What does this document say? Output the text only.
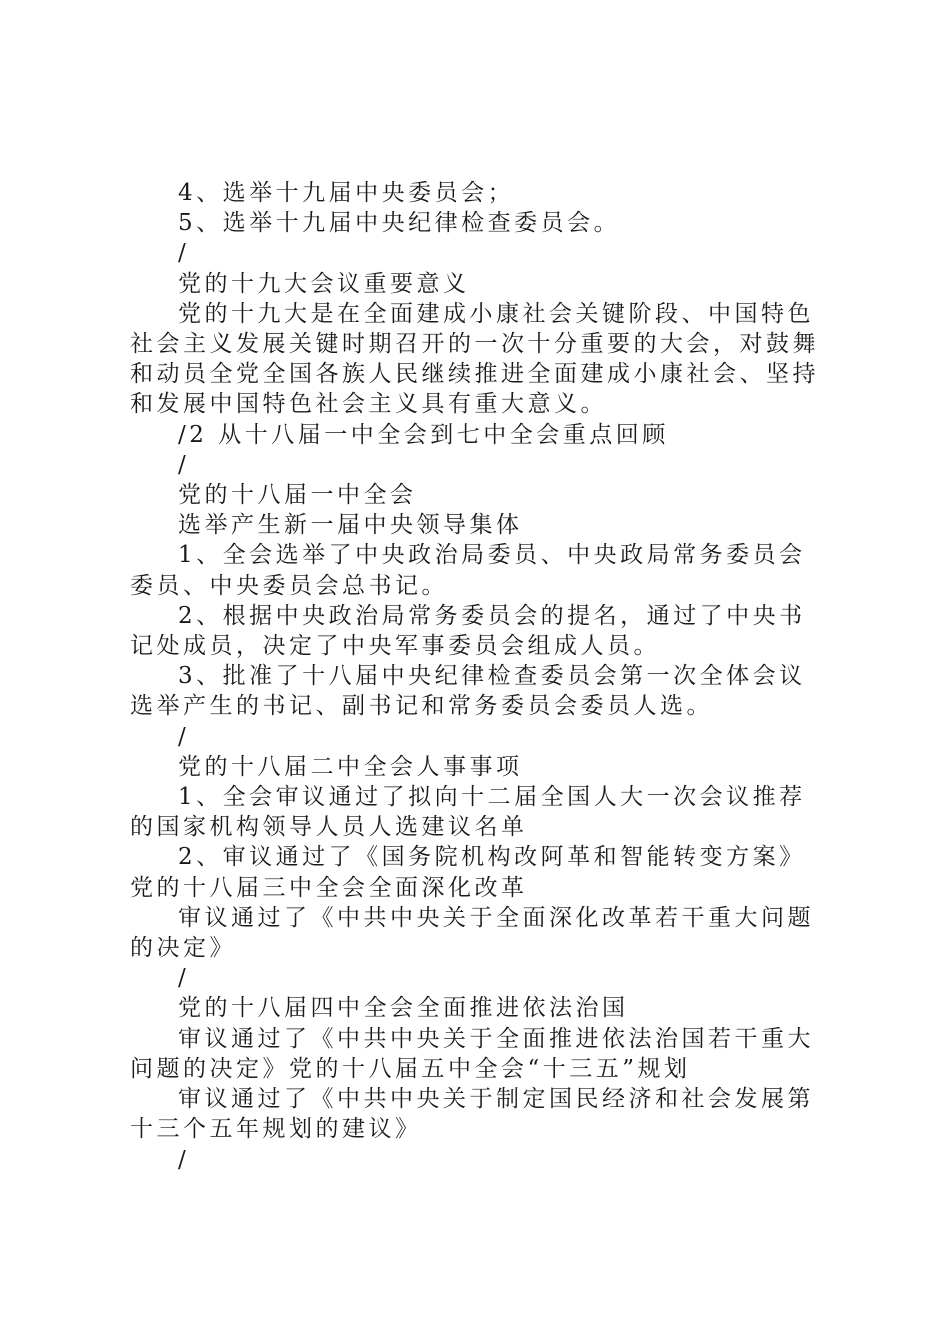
4、选举十九届中央委员会；

5、选举十九届中央纪律检查委员会。

/

党的十九大会议重要意义

党的十九大是在全面建成小康社会关键阶段、中国特色社会主义发展关键时期召开的一次十分重要的大会，对鼓舞和动员全党全国各族人民继续推进全面建成小康社会、坚持和发展中国特色社会主义具有重大意义。

/2 从十八届一中全会到七中全会重点回顾

/

党的十八届一中全会

选举产生新一届中央领导集体

1、全会选举了中央政治局委员、中央政局常务委员会委员、中央委员会总书记。

2、根据中央政治局常务委员会的提名，通过了中央书记处成员，决定了中央军事委员会组成人员。

3、批准了十八届中央纪律检查委员会第一次全体会议选举产生的书记、副书记和常务委员会委员人选。

/

党的十八届二中全会人事事项

1、全会审议通过了拟向十二届全国人大一次会议推荐的国家机构领导人员人选建议名单

2、审议通过了《国务院机构改阿革和智能转变方案》党的十八届三中全会全面深化改革

审议通过了《中共中央关于全面深化改革若干重大问题的决定》

/

党的十八届四中全会全面推进依法治国

审议通过了《中共中央关于全面推进依法治国若干重大问题的决定》党的十八届五中全会“十三五”规划

审议通过了《中共中央关于制定国民经济和社会发展第十三个五年规划的建议》

/
